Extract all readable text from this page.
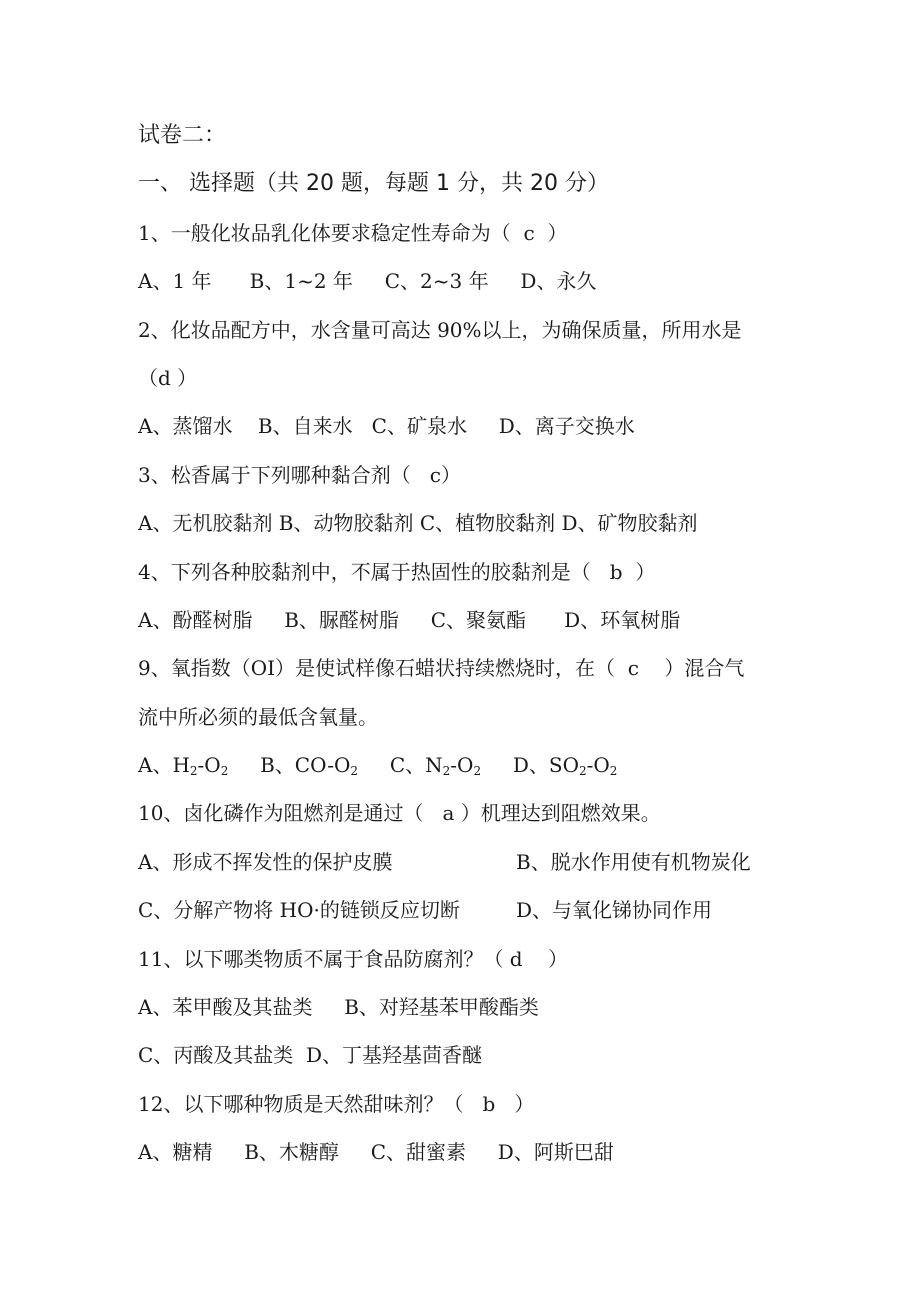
试卷二：
一、 选择题（共 20 题，每题 1 分，共 20 分）
1、一般化妆品乳化体要求稳定性寿命为（  c  ）
A、1 年      B、1~2 年     C、2~3 年     D、永久
2、化妆品配方中，水含量可高达 90%以上，为确保质量，所用水是
（d ）
A、蒸馏水    B、自来水   C、矿泉水     D、离子交换水
3、松香属于下列哪种黏合剂（   c）
A、无机胶黏剂 B、动物胶黏剂 C、植物胶黏剂 D、矿物胶黏剂
4、下列各种胶黏剂中，不属于热固性的胶黏剂是（   b  ）
A、酚醛树脂     B、脲醛树脂     C、聚氨酯      D、环氧树脂
9、氧指数（OI）是使试样像石蜡状持续燃烧时，在（  c    ）混合气
流中所必须的最低含氧量。
A、$H_2-O_2$     B、$CO-O_2$     C、$N_2-O_2$     D、$SO_2-O_2$
10、卤化磷作为阻燃剂是通过（   a ）机理达到阻燃效果。
A、形成不挥发性的保护皮膜	B、脱水作用使有机物炭化
C、分解产物将 HO·的链锁反应切断	D、与氧化锑协同作用
11、以下哪类物质不属于食品防腐剂？（ d    ）
A、苯甲酸及其盐类     B、对羟基苯甲酸酯类
C、丙酸及其盐类  D、丁基羟基茴香醚
12、以下哪种物质是天然甜味剂？（   b   ）
A、糖精     B、木糖醇     C、甜蜜素     D、阿斯巴甜
